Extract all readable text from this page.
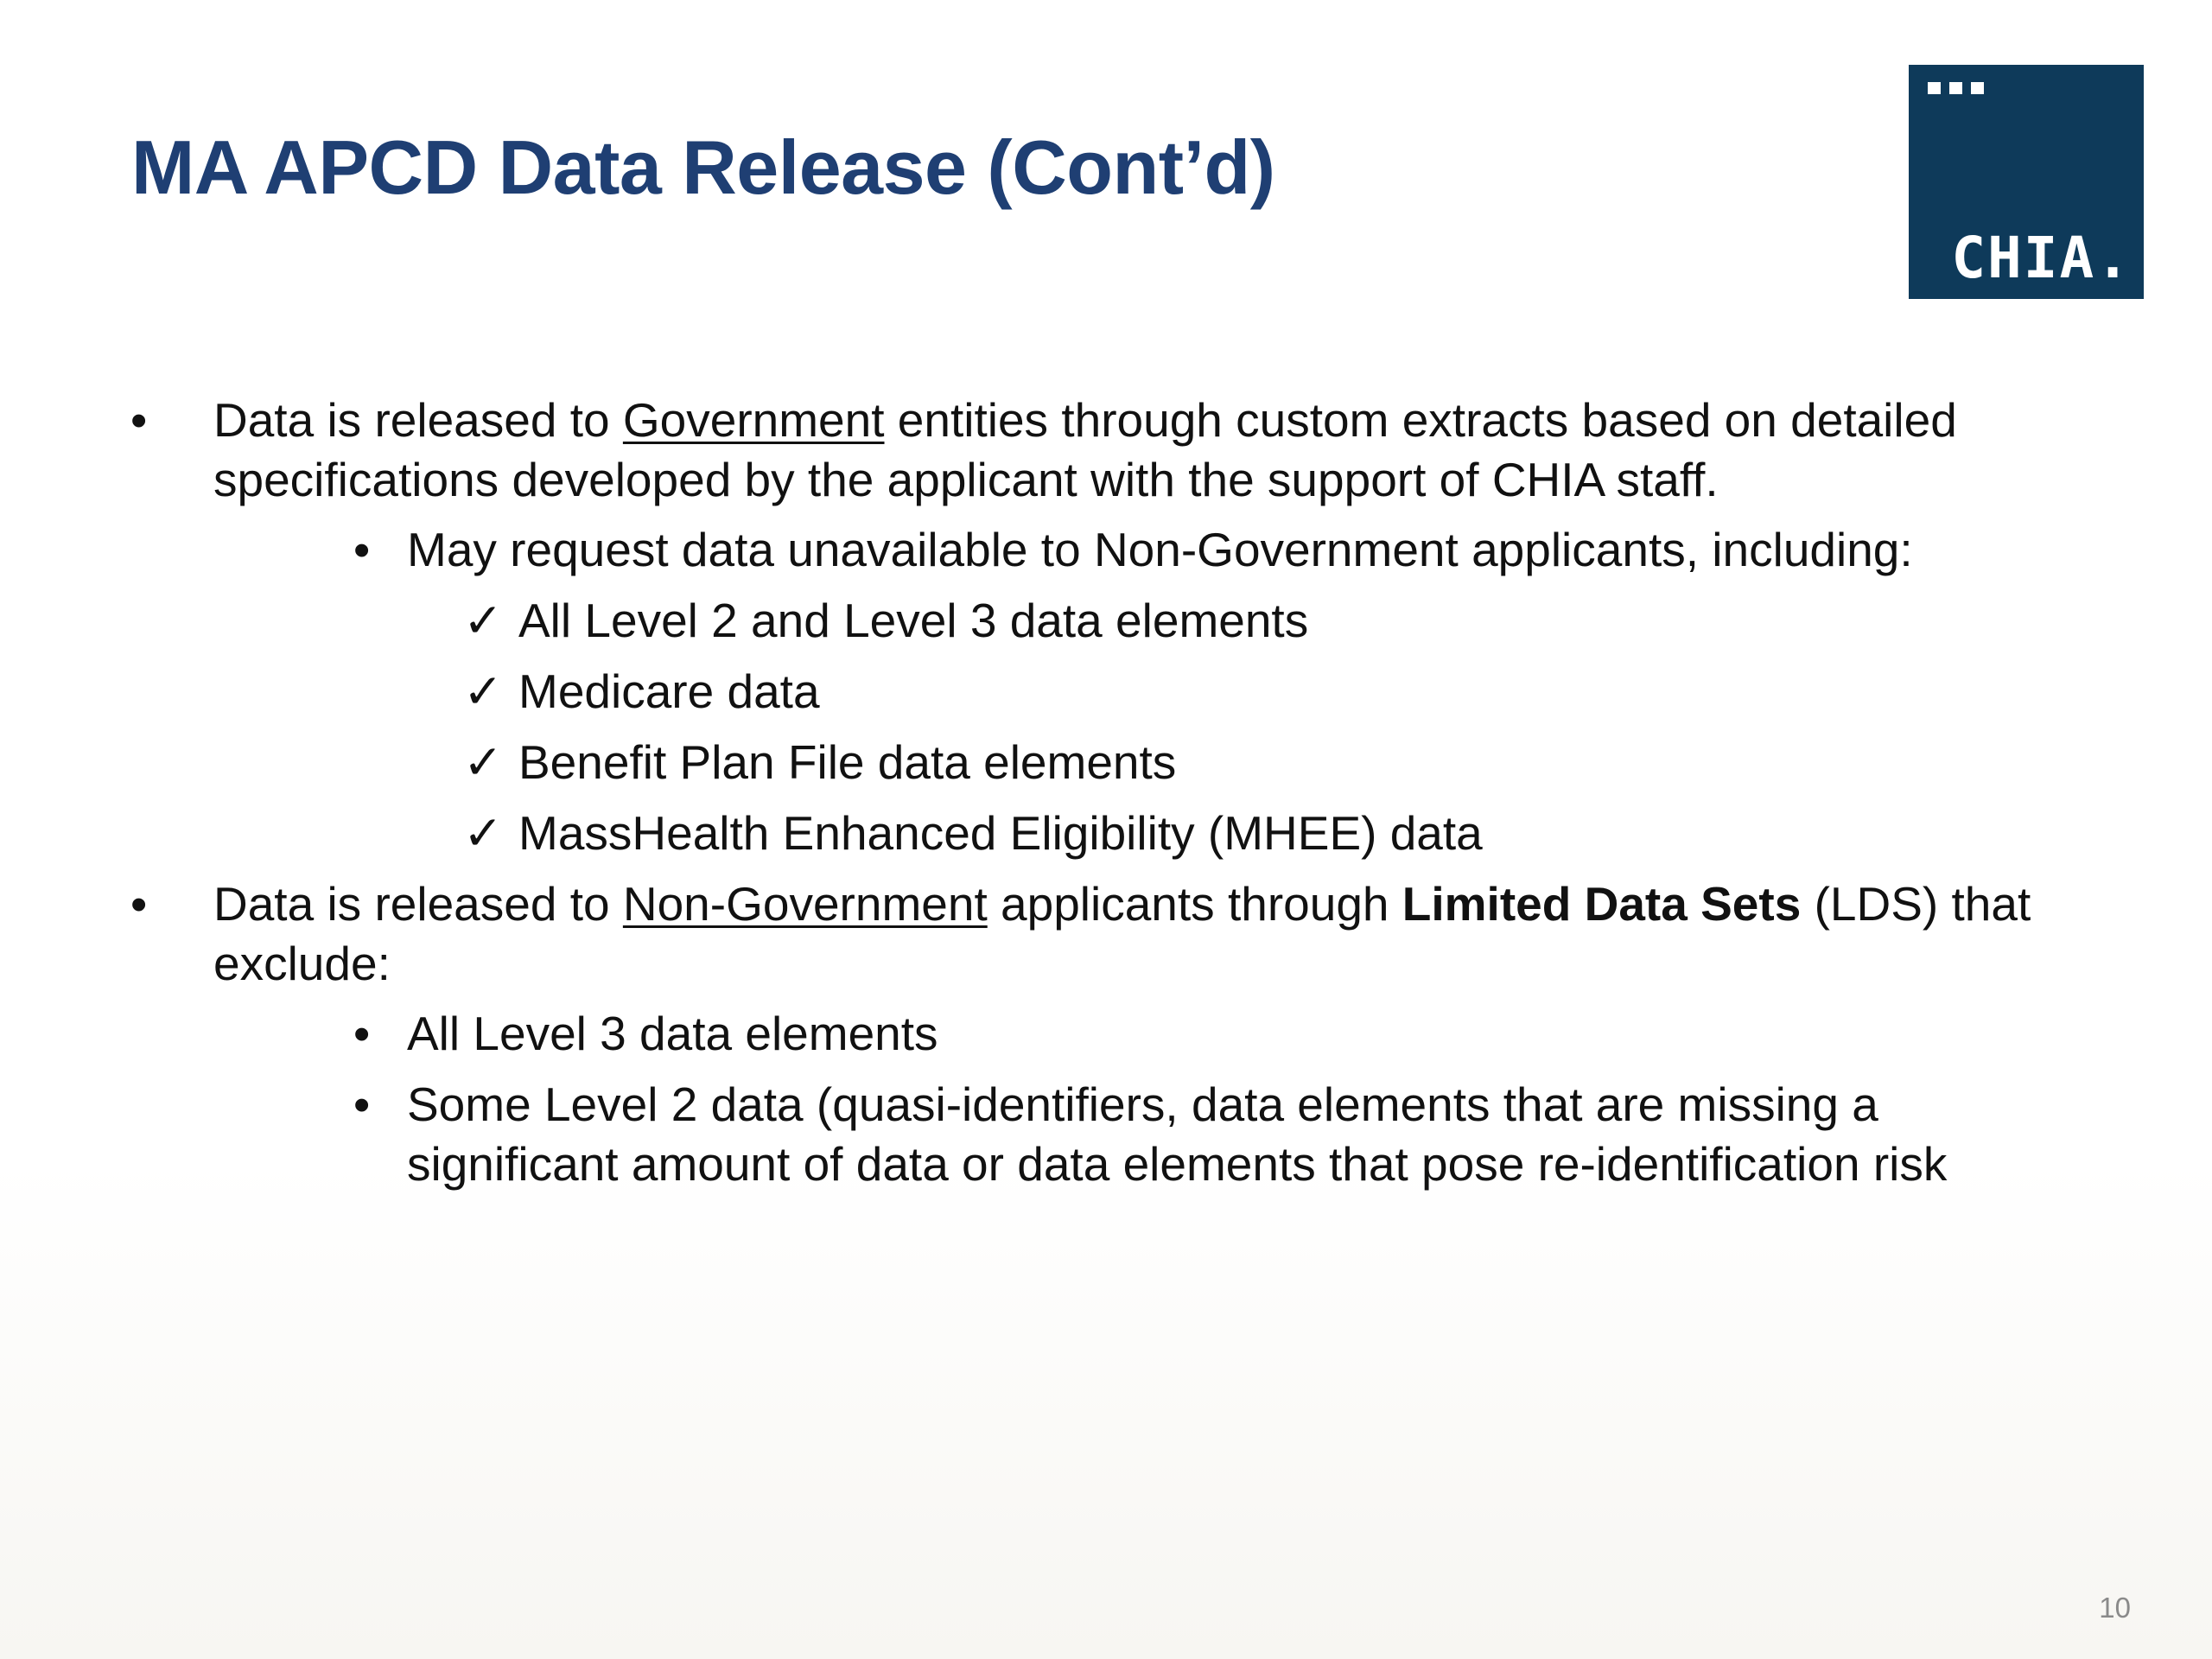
MA APCD Data Release (Cont’d)
CHIA.
• Data is released to Government entities through custom extracts based on detailed specifications developed by the applicant with the support of CHIA staff.
• May request data unavailable to Non-Government applicants, including:
✓ All Level 2 and Level 3 data elements
✓ Medicare data
✓ Benefit Plan File data elements
✓ MassHealth Enhanced Eligibility (MHEE) data
• Data is released to Non-Government applicants through Limited Data Sets (LDS) that exclude:
• All Level 3 data elements
• Some Level 2 data (quasi-identifiers, data elements that are missing a significant amount of data or data elements that pose re-identification risk
10
